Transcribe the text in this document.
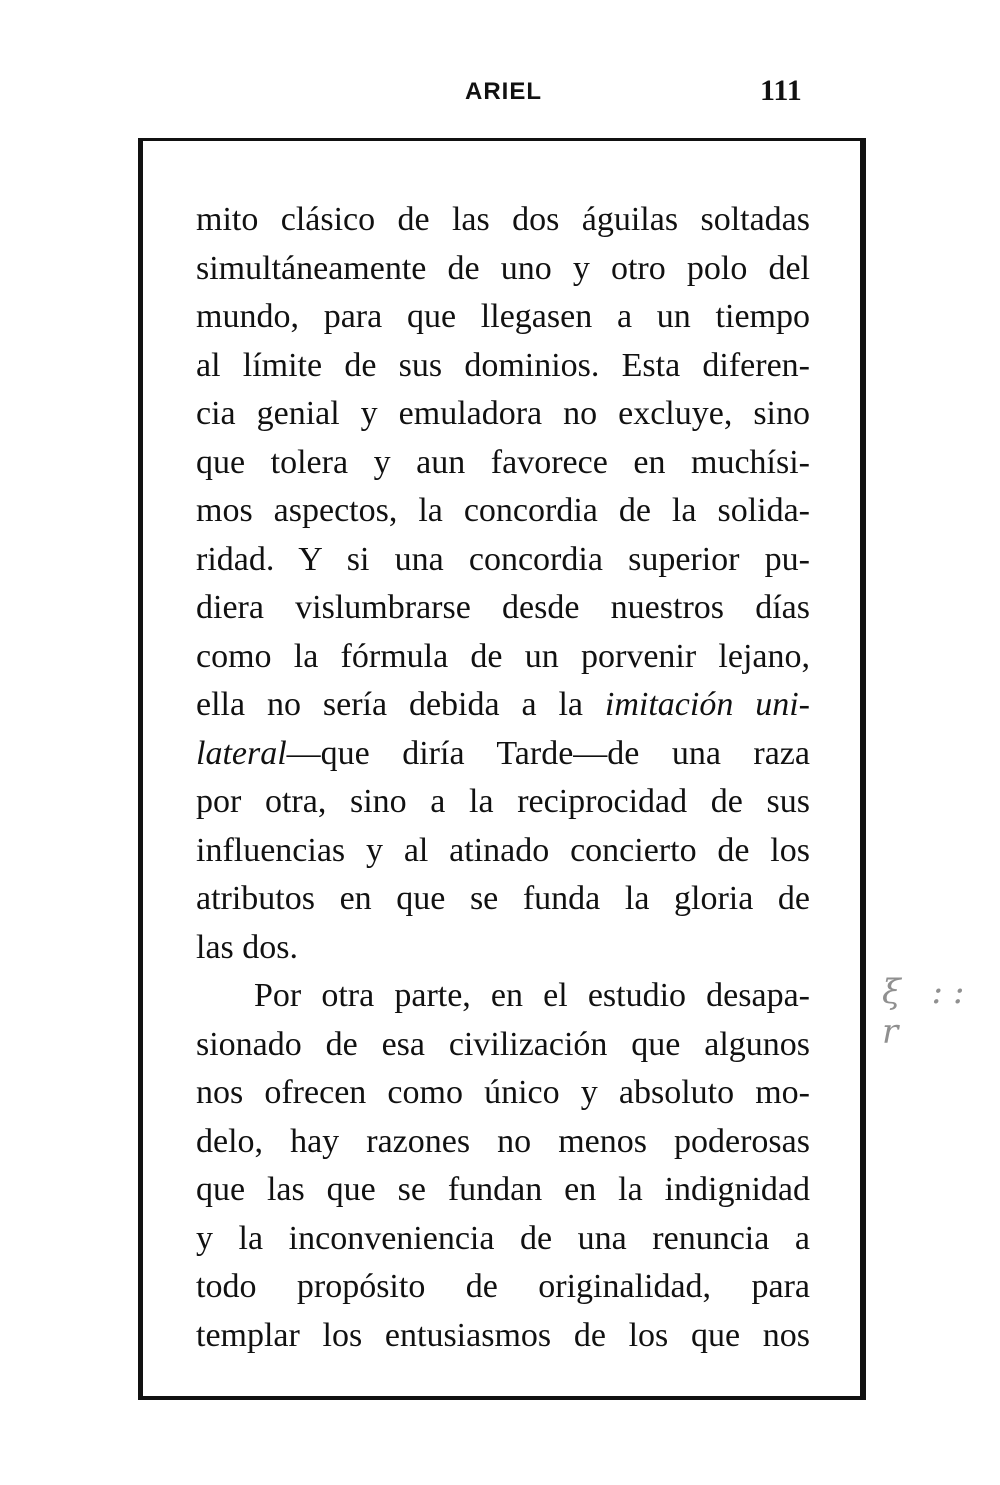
ARIEL	111
mito clásico de las dos águilas soltadas
simultáneamente de uno y otro polo del
mundo, para que llegasen a un tiempo
al límite de sus dominios. Esta diferen-
cia genial y emuladora no excluye, sino
que tolera y aun favorece en muchísi-
mos aspectos, la concordia de la solida-
ridad. Y si una concordia superior pu-
diera vislumbrarse desde nuestros días
como la fórmula de un porvenir lejano,
ella no sería debida a la imitación uni-
lateral—que diría Tarde—de una raza
por otra, sino a la reciprocidad de sus
influencias y al atinado concierto de los
atributos en que se funda la gloria de
las dos.
Por otra parte, en el estudio desapa-
sionado de esa civilización que algunos
nos ofrecen como único y absoluto mo-
delo, hay razones no menos poderosas
que las que se fundan en la indignidad
y la inconveniencia de una renuncia a
todo propósito de originalidad, para
templar los entusiasmos de los que nos
ξ :: r
